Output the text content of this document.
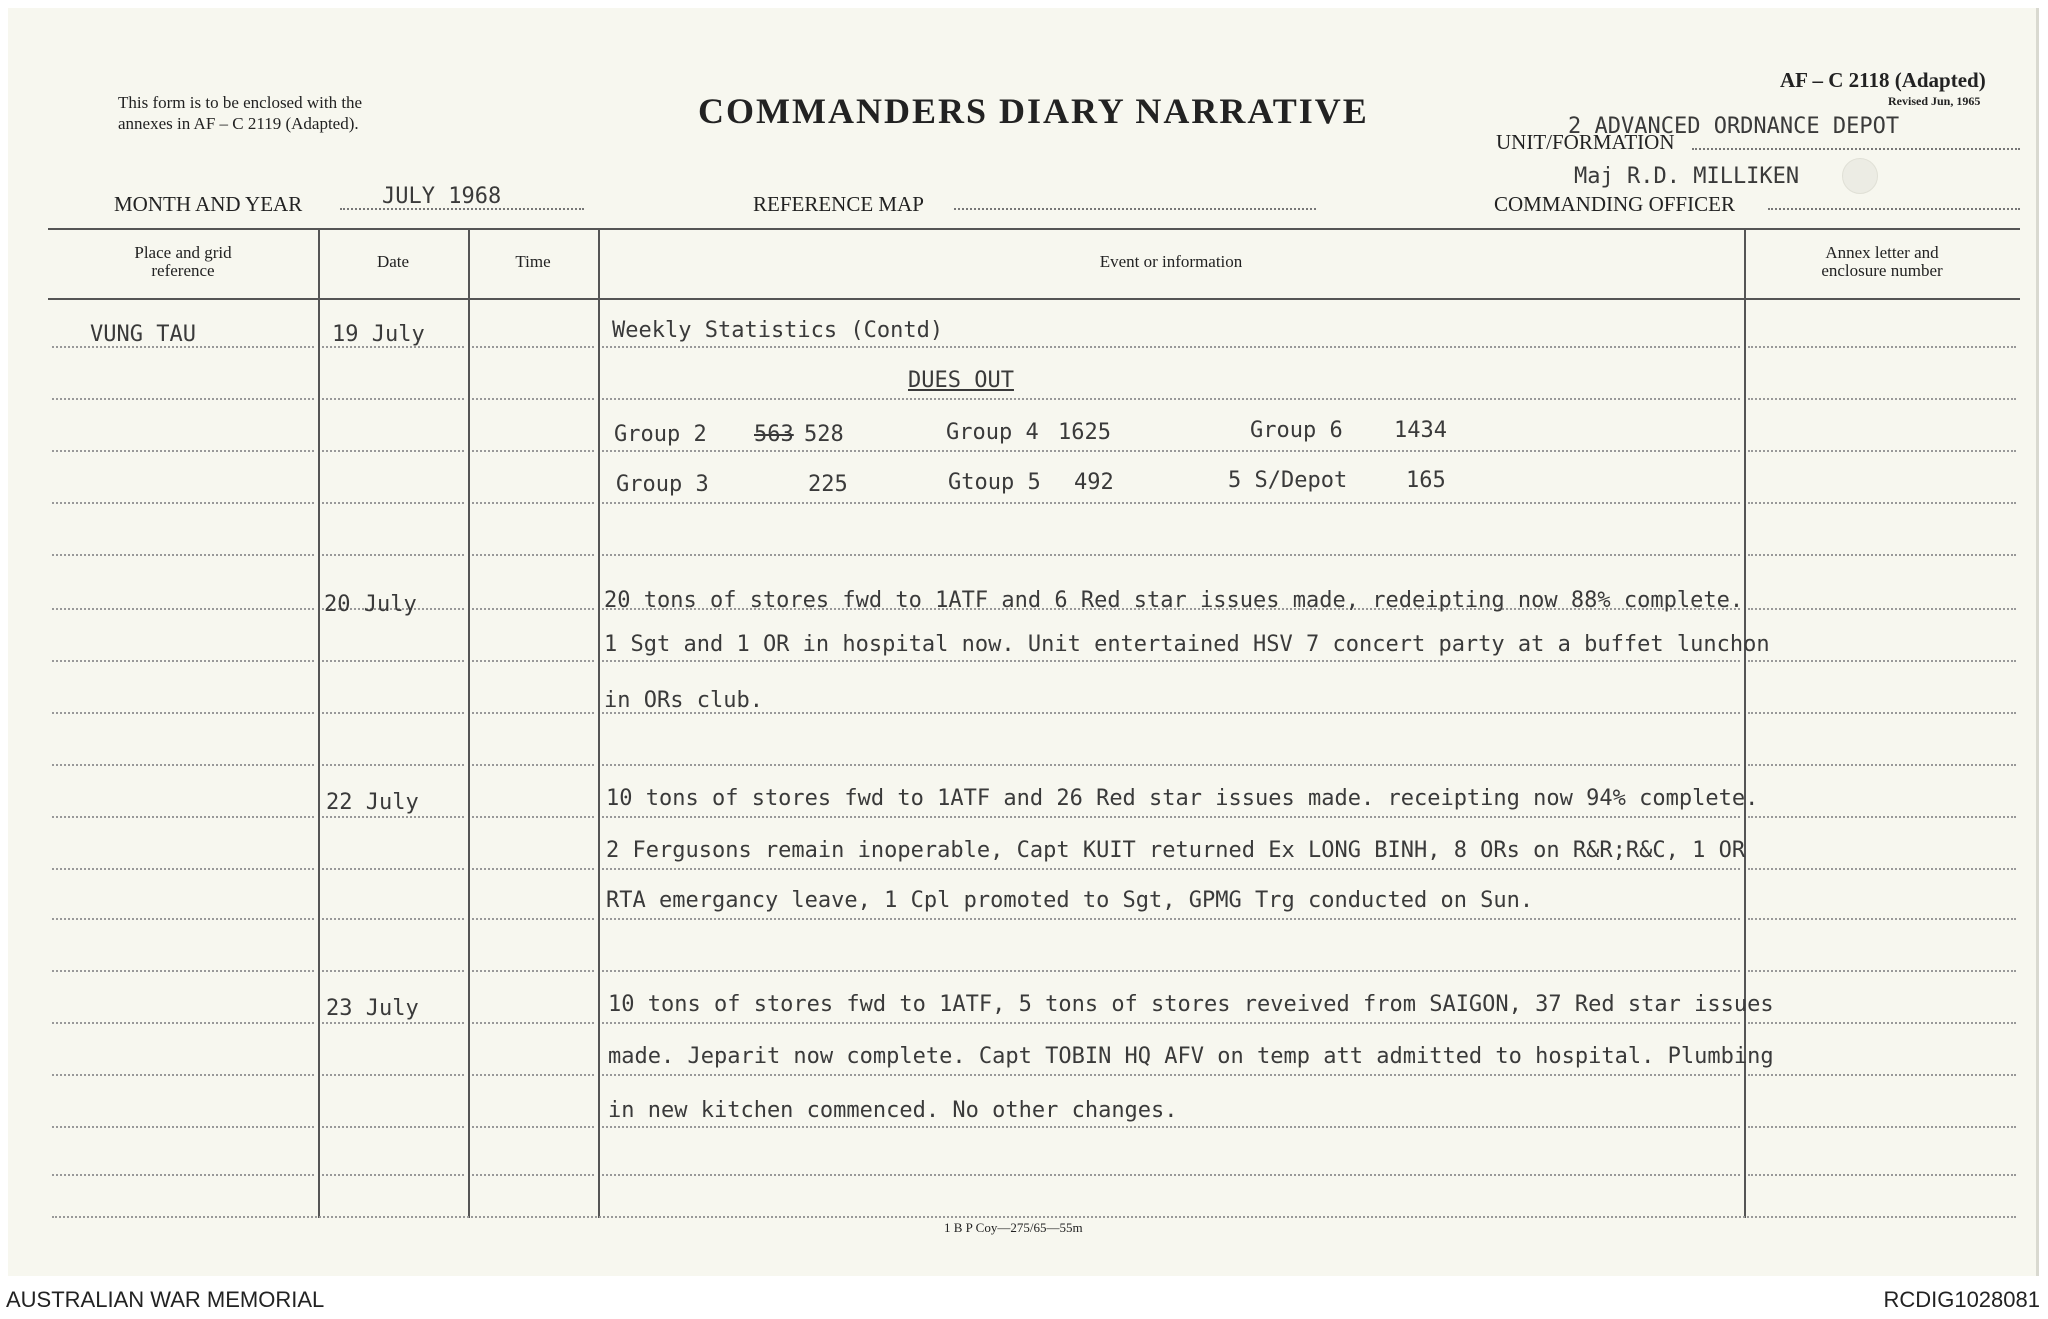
This form is to be enclosed with the
annexes in AF – C 2119 (Adapted).	COMMANDERS DIARY NARRATIVE
AF – C 2118 (Adapted)
Revised Jun, 1965
2 ADVANCED ORDNANCE DEPOT
UNIT/FORMATION
MONTH AND YEAR	JULY 1968	REFERENCE MAP
Maj R.D. MILLIKEN
COMMANDING OFFICER
Place and grid
reference	Date	Time	Event or information	Annex letter and
enclosure number
VUNG TAU	19 July	Weekly Statistics (Contd)
DUES OUT
Group 2 563 528	Group 4 1625	Group 6 1434
Group 3	225	Gtoup 5 492	5 S/Depot	165
20 July	20 tons of stores fwd to 1ATF and 6 Red star issues made, redeipting now 88% complete.
1 Sgt and 1 OR in hospital now. Unit entertained HSV 7 concert party at a buffet lunchon
in ORs club.
22 July	10 tons of stores fwd to 1ATF and 26 Red star issues made. receipting now 94% complete.
2 Fergusons remain inoperable, Capt KUIT returned Ex LONG BINH, 8 ORs on R&R;R&C, 1 OR
RTA emergancy leave, 1 Cpl promoted to Sgt, GPMG Trg conducted on Sun.
23 July	10 tons of stores fwd to 1ATF, 5 tons of stores reveived from SAIGON, 37 Red star issues
made. Jeparit now complete. Capt TOBIN HQ AFV on temp att admitted to hospital. Plumbing
in new kitchen commenced. No other changes.
1 B P Coy—275/65—55m
AUSTRALIAN WAR MEMORIAL	RCDIG1028081
